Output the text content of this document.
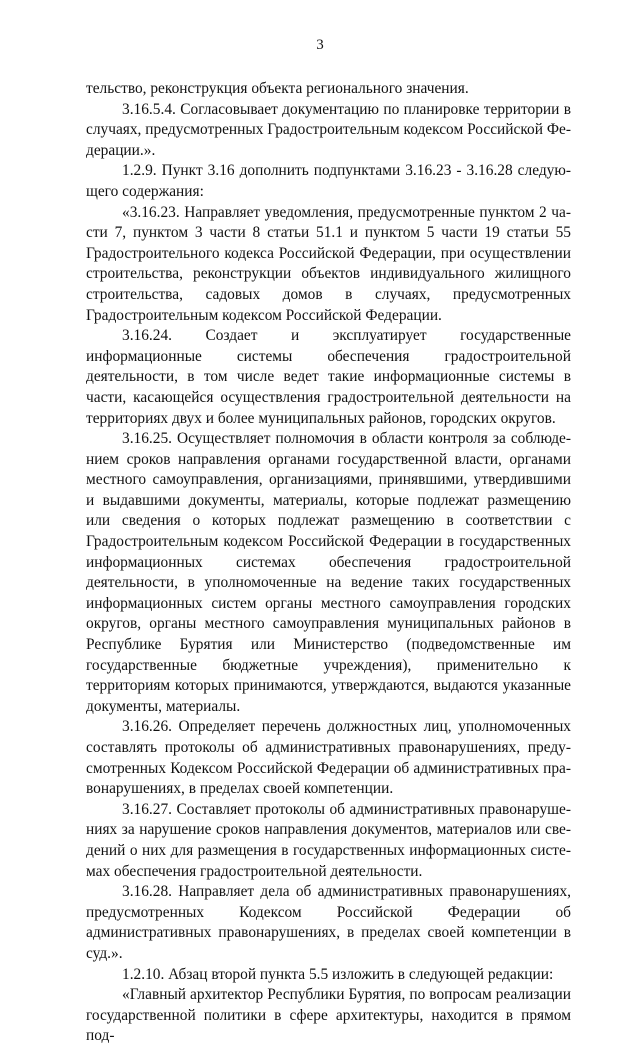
3

тельство, реконструкция объекта регионального значения.

3.16.5.4. Согласовывает документацию по планировке территории в случаях, предусмотренных Градостроительным кодексом Российской Федерации.».

1.2.9. Пункт 3.16 дополнить подпунктами 3.16.23 - 3.16.28 следующего содержания:

«3.16.23. Направляет уведомления, предусмотренные пунктом 2 части 7, пунктом 3 части 8 статьи 51.1 и пунктом 5 части 19 статьи 55 Градостроительного кодекса Российской Федерации, при осуществлении строительства, реконструкции объектов индивидуального жилищного строительства, садовых домов в случаях, предусмотренных Градостроительным кодексом Российской Федерации.

3.16.24. Создает и эксплуатирует государственные информационные системы обеспечения градостроительной деятельности, в том числе ведет такие информационные системы в части, касающейся осуществления градостроительной деятельности на территориях двух и более муниципальных районов, городских округов.

3.16.25. Осуществляет полномочия в области контроля за соблюдением сроков направления органами государственной власти, органами местного самоуправления, организациями, принявшими, утвердившими и выдавшими документы, материалы, которые подлежат размещению или сведения о которых подлежат размещению в соответствии с Градостроительным кодексом Российской Федерации в государственных информационных системах обеспечения градостроительной деятельности, в уполномоченные на ведение таких государственных информационных систем органы местного самоуправления городских округов, органы местного самоуправления муниципальных районов в Республике Бурятия или Министерство (подведомственные им государственные бюджетные учреждения), применительно к территориям которых принимаются, утверждаются, выдаются указанные документы, материалы.

3.16.26. Определяет перечень должностных лиц, уполномоченных составлять протоколы об административных правонарушениях, предусмотренных Кодексом Российской Федерации об административных правонарушениях, в пределах своей компетенции.

3.16.27. Составляет протоколы об административных правонарушениях за нарушение сроков направления документов, материалов или сведений о них для размещения в государственных информационных системах обеспечения градостроительной деятельности.

3.16.28. Направляет дела об административных правонарушениях, предусмотренных Кодексом Российской Федерации об административных правонарушениях, в пределах своей компетенции в суд.».

1.2.10. Абзац второй пункта 5.5 изложить в следующей редакции:

«Главный архитектор Республики Бурятия, по вопросам реализации государственной политики в сфере архитектуры, находится в прямом под-
